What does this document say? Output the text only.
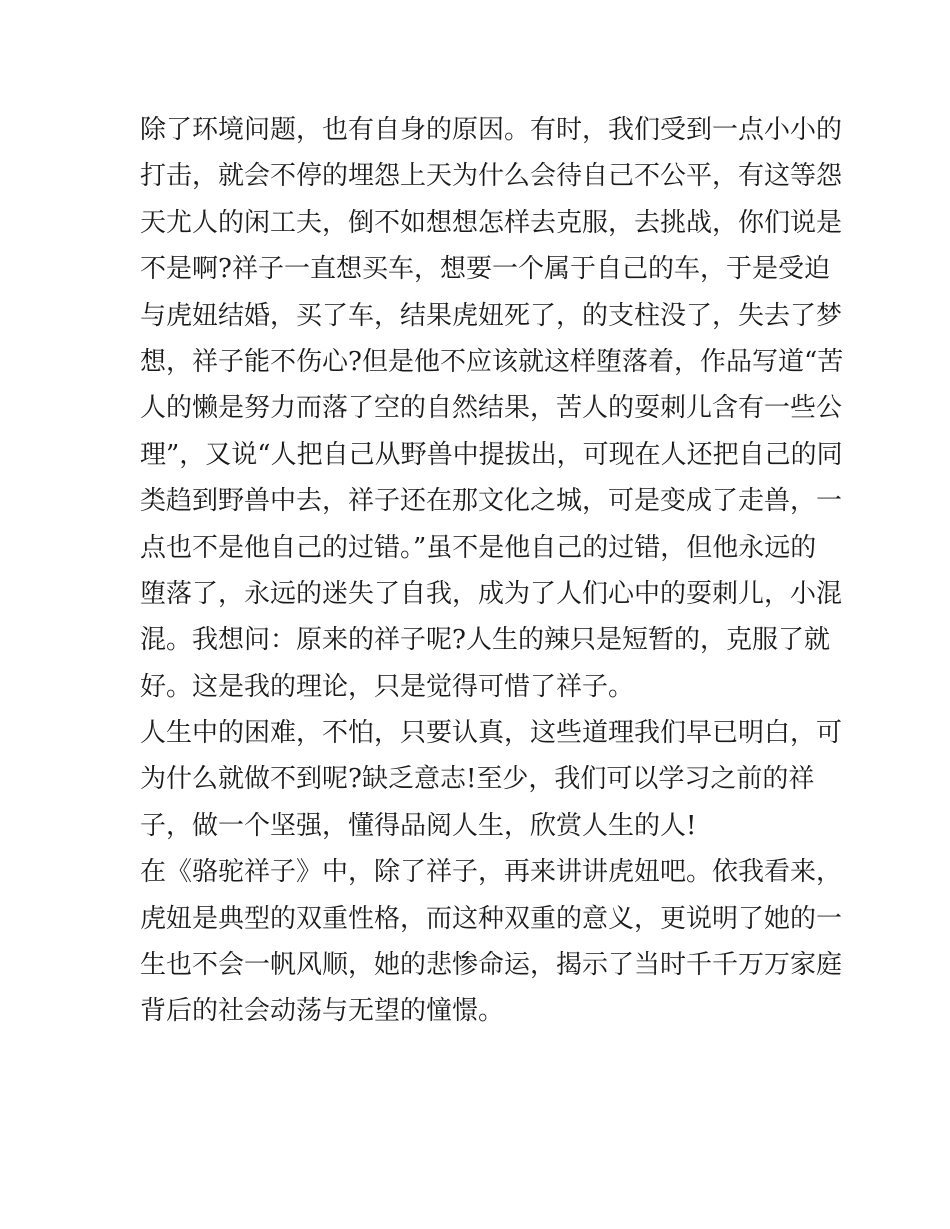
除了环境问题，也有自身的原因。有时，我们受到一点小小的
打击，就会不停的埋怨上天为什么会待自己不公平，有这等怨
天尤人的闲工夫，倒不如想想怎样去克服，去挑战，你们说是
不是啊?祥子一直想买车，想要一个属于自己的车，于是受迫
与虎妞结婚，买了车，结果虎妞死了，的支柱没了，失去了梦
想，祥子能不伤心?但是他不应该就这样堕落着，作品写道“苦
人的懒是努力而落了空的自然结果，苦人的耍刺儿含有一些公
理”，又说“人把自己从野兽中提拔出，可现在人还把自己的同
类趋到野兽中去，祥子还在那文化之城，可是变成了走兽，一
点也不是他自己的过错。”虽不是他自己的过错，但他永远的
堕落了，永远的迷失了自我，成为了人们心中的耍刺儿，小混
混。我想问：原来的祥子呢?人生的辣只是短暂的，克服了就
好。这是我的理论，只是觉得可惜了祥子。
人生中的困难，不怕，只要认真，这些道理我们早已明白，可
为什么就做不到呢?缺乏意志!至少，我们可以学习之前的祥
子，做一个坚强，懂得品阅人生，欣赏人生的人!
在《骆驼祥子》中，除了祥子，再来讲讲虎妞吧。依我看来，
虎妞是典型的双重性格，而这种双重的意义，更说明了她的一
生也不会一帆风顺，她的悲惨命运，揭示了当时千千万万家庭
背后的社会动荡与无望的憧憬。
